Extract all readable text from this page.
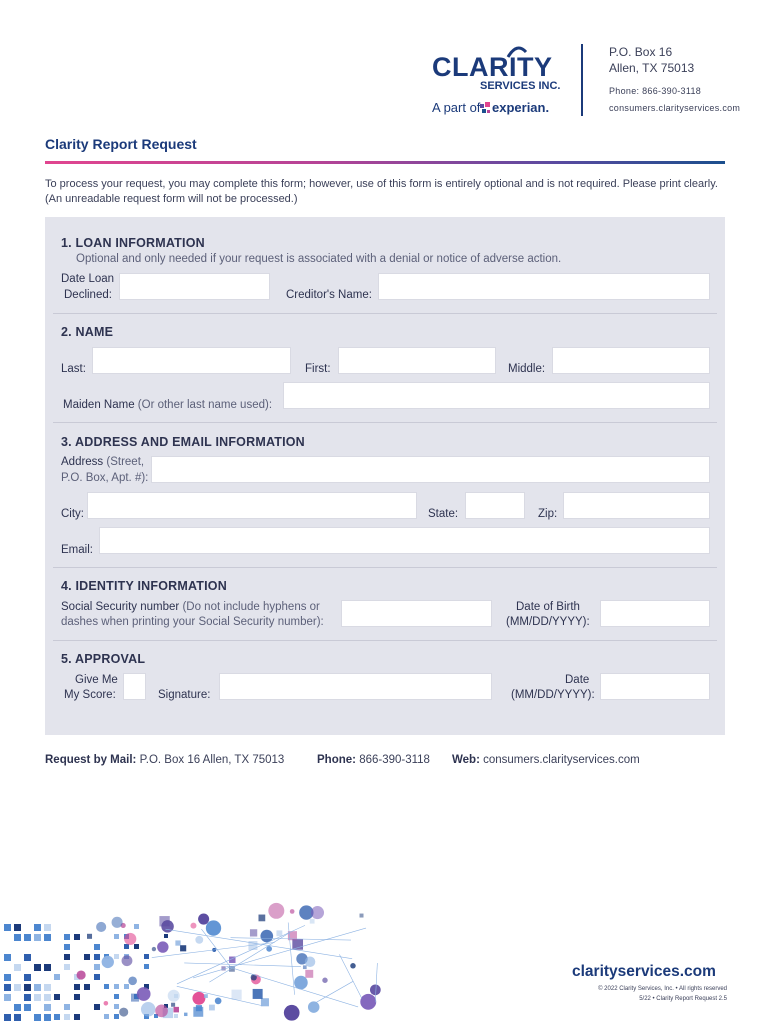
CLARITY
SERVICES INC.
A part of experian.
P.O. Box 16
Allen, TX 75013
Phone: 866-390-3118
consumers.clarityservices.com
Clarity Report Request
To process your request, you may complete this form; however, use of this form is entirely optional and is not required. Please print clearly. (An unreadable request form will not be processed.)
1. LOAN INFORMATION
Optional and only needed if your request is associated with a denial or notice of adverse action.
Date Loan
Declined:	Creditor's Name:
2. NAME
Last:	First:	Middle:
Maiden Name (Or other last name used):
3. ADDRESS AND EMAIL INFORMATION
Address (Street,
P.O. Box, Apt. #):
City:	State:	Zip:
Email:
4. IDENTITY INFORMATION
Social Security number (Do not include hyphens or
dashes when printing your Social Security number):
Date of Birth
(MM/DD/YYYY):
5. APPROVAL
Give Me
My Score:	Signature:
Date
(MM/DD/YYYY):
Request by Mail: P.O. Box 16 Allen, TX 75013	Phone: 866-390-3118 Web: consumers.clarityservices.com
clarityservices.com
© 2022 Clarity Services, Inc. • All rights reserved
5/22 • Clarity Report Request 2.5
